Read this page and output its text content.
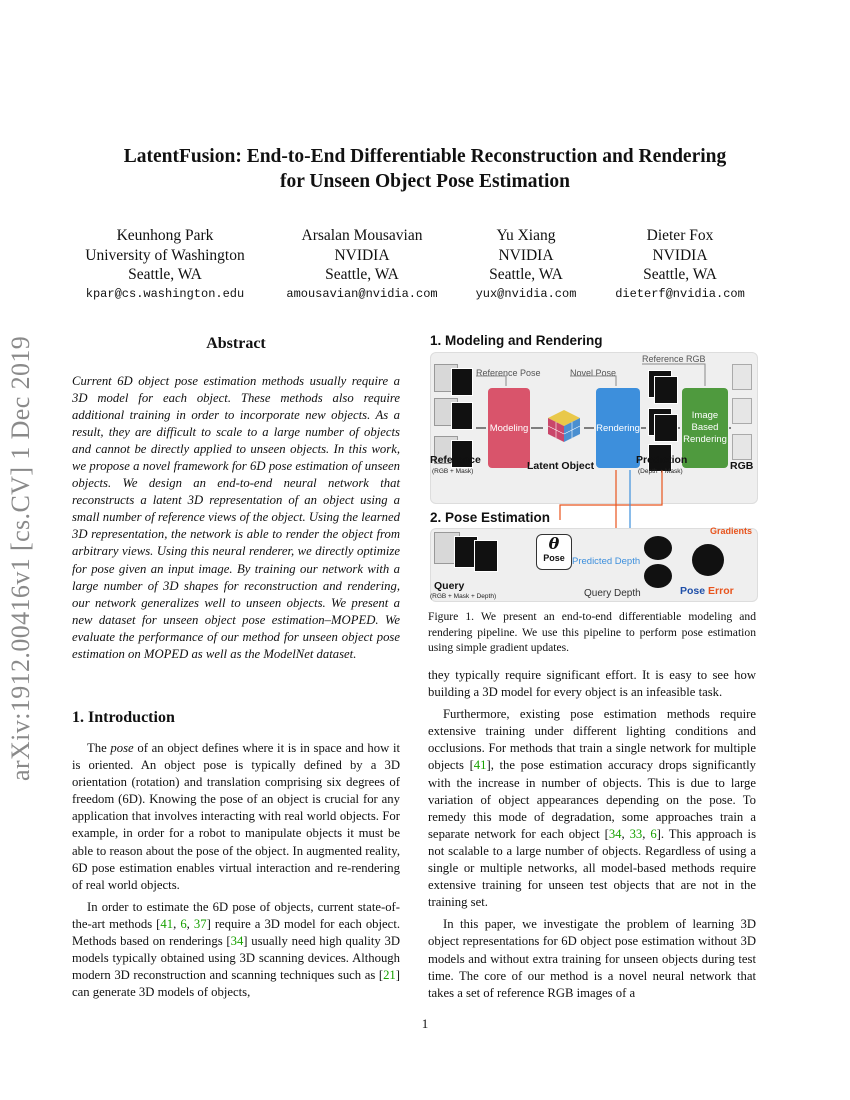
arXiv:1912.00416v1 [cs.CV] 1 Dec 2019
LatentFusion: End-to-End Differentiable Reconstruction and Rendering
for Unseen Object Pose Estimation
Keunhong Park
University of Washington
Seattle, WA
Arsalan Mousavian
NVIDIA
Seattle, WA
Yu Xiang
NVIDIA
Seattle, WA
Dieter Fox
NVIDIA
Seattle, WA
kpar@cs.washington.edu	amousavian@nvidia.com	yux@nvidia.com	dieterf@nvidia.com
Abstract
Current 6D object pose estimation methods usually require a 3D model for each object. These methods also require additional training in order to incorporate new objects. As a result, they are difficult to scale to a large number of objects and cannot be directly applied to unseen objects. In this work, we propose a novel framework for 6D pose estimation of unseen objects. We design an end-to-end neural network that reconstructs a latent 3D representation of an object using a small number of reference views of the object. Using the learned 3D representation, the network is able to render the object from arbitrary views. Using this neural renderer, we directly optimize for pose given an input image. By training our network with a large number of 3D shapes for reconstruction and rendering, our network generalizes well to unseen objects. We present a new dataset for unseen object pose estimation–MOPED. We evaluate the performance of our method for unseen object pose estimation on MOPED as well as the ModelNet dataset.
1. Introduction

The pose of an object defines where it is in space and how it is oriented. An object pose is typically defined by a 3D orientation (rotation) and translation comprising six degrees of freedom (6D). Knowing the pose of an object is crucial for any application that involves interacting with real world objects. For example, in order for a robot to manipulate objects it must be able to reason about the pose of the object. In augmented reality, 6D pose estimation enables virtual interaction and re-rendering of real world objects.

In order to estimate the 6D pose of objects, current state-of-the-art methods [41, 6, 37] require a 3D model for each object. Methods based on renderings [34] usually need high quality 3D models typically obtained using 3D scanning devices. Although modern 3D reconstruction and scanning techniques such as [21] can generate 3D models of objects,

1. Modeling and Rendering
Reference RGB
Reference Pose	Novel Pose
Modeling	Rendering
Image
Based
Rendering
Reference
(RGB + Mask)	Latent Object	Prediction
(Depth + Mask)	RGB
2. Pose Estimation
Gradients
θ
Pose Predicted Depth
Query
(RGB + Mask + Depth)	Query Depth	Pose Error
Figure 1. We present an end-to-end differentiable modeling and rendering pipeline. We use this pipeline to perform pose estimation using simple gradient updates.

they typically require significant effort. It is easy to see how building a 3D model for every object is an infeasible task.

Furthermore, existing pose estimation methods require extensive training under different lighting conditions and occlusions. For methods that train a single network for multiple objects [41], the pose estimation accuracy drops significantly with the increase in number of objects. This is due to large variation of object appearances depending on the pose. To remedy this mode of degradation, some approaches train a separate network for each object [34, 33, 6]. This approach is not scalable to a large number of objects. Regardless of using a single or multiple networks, all model-based methods require extensive training for unseen test objects that are not in the training set.

In this paper, we investigate the problem of learning 3D object representations for 6D object pose estimation without 3D models and without extra training for unseen objects during test time. The core of our method is a novel neural network that takes a set of reference RGB images of a

1
